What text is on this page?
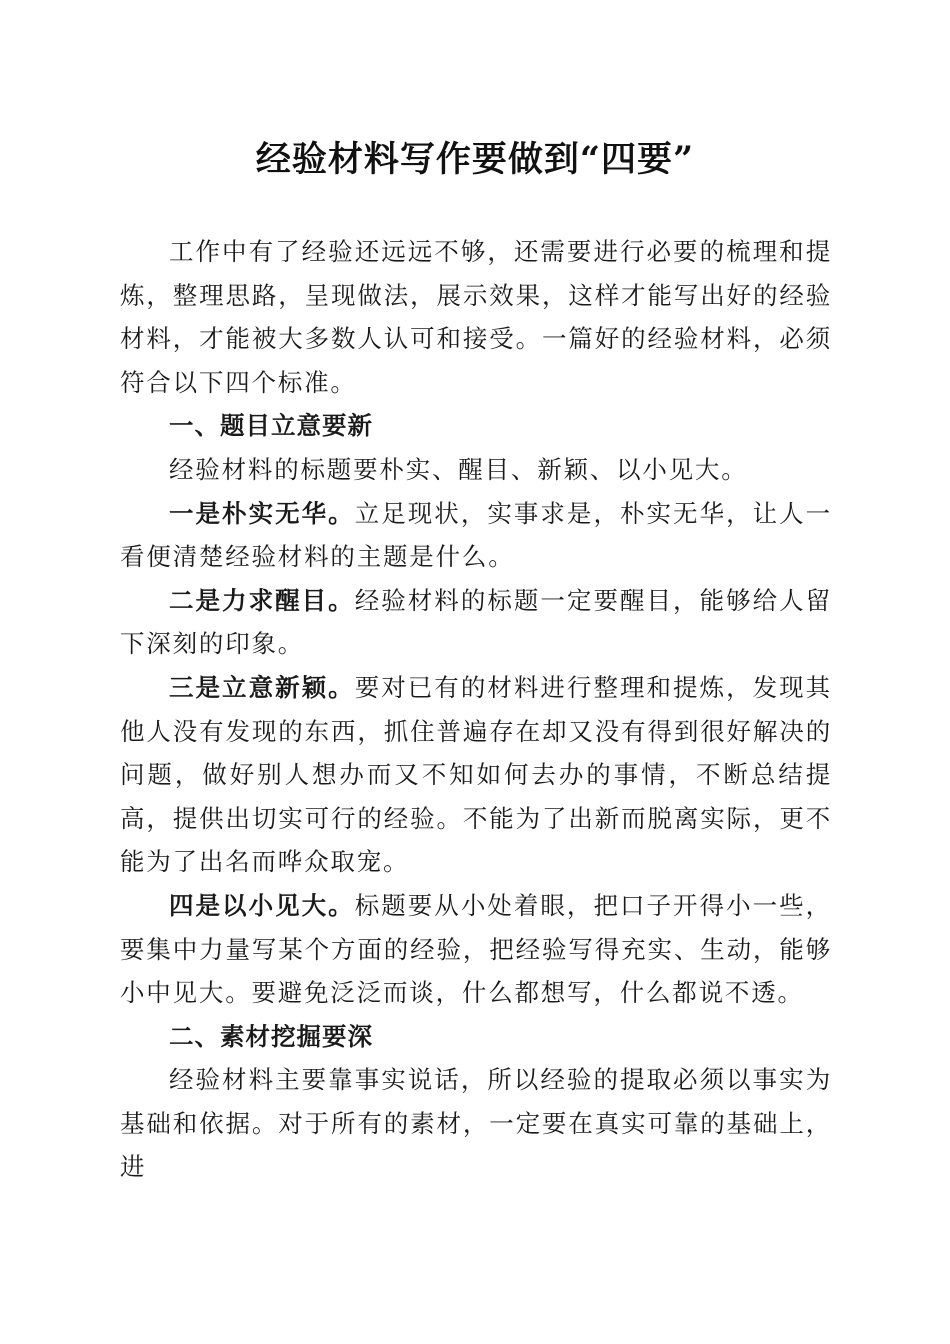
经验材料写作要做到“四要”

工作中有了经验还远远不够，还需要进行必要的梳理和提炼，整理思路，呈现做法，展示效果，这样才能写出好的经验材料，才能被大多数人认可和接受。一篇好的经验材料，必须符合以下四个标准。

一、题目立意要新

经验材料的标题要朴实、醒目、新颖、以小见大。

一是朴实无华。立足现状，实事求是，朴实无华，让人一看便清楚经验材料的主题是什么。

二是力求醒目。经验材料的标题一定要醒目，能够给人留下深刻的印象。

三是立意新颖。要对已有的材料进行整理和提炼，发现其他人没有发现的东西，抓住普遍存在却又没有得到很好解决的问题，做好别人想办而又不知如何去办的事情，不断总结提高，提供出切实可行的经验。不能为了出新而脱离实际，更不能为了出名而哗众取宠。

四是以小见大。标题要从小处着眼，把口子开得小一些，要集中力量写某个方面的经验，把经验写得充实、生动，能够小中见大。要避免泛泛而谈，什么都想写，什么都说不透。

二、素材挖掘要深

经验材料主要靠事实说话，所以经验的提取必须以事实为基础和依据。对于所有的素材，一定要在真实可靠的基础上，进
